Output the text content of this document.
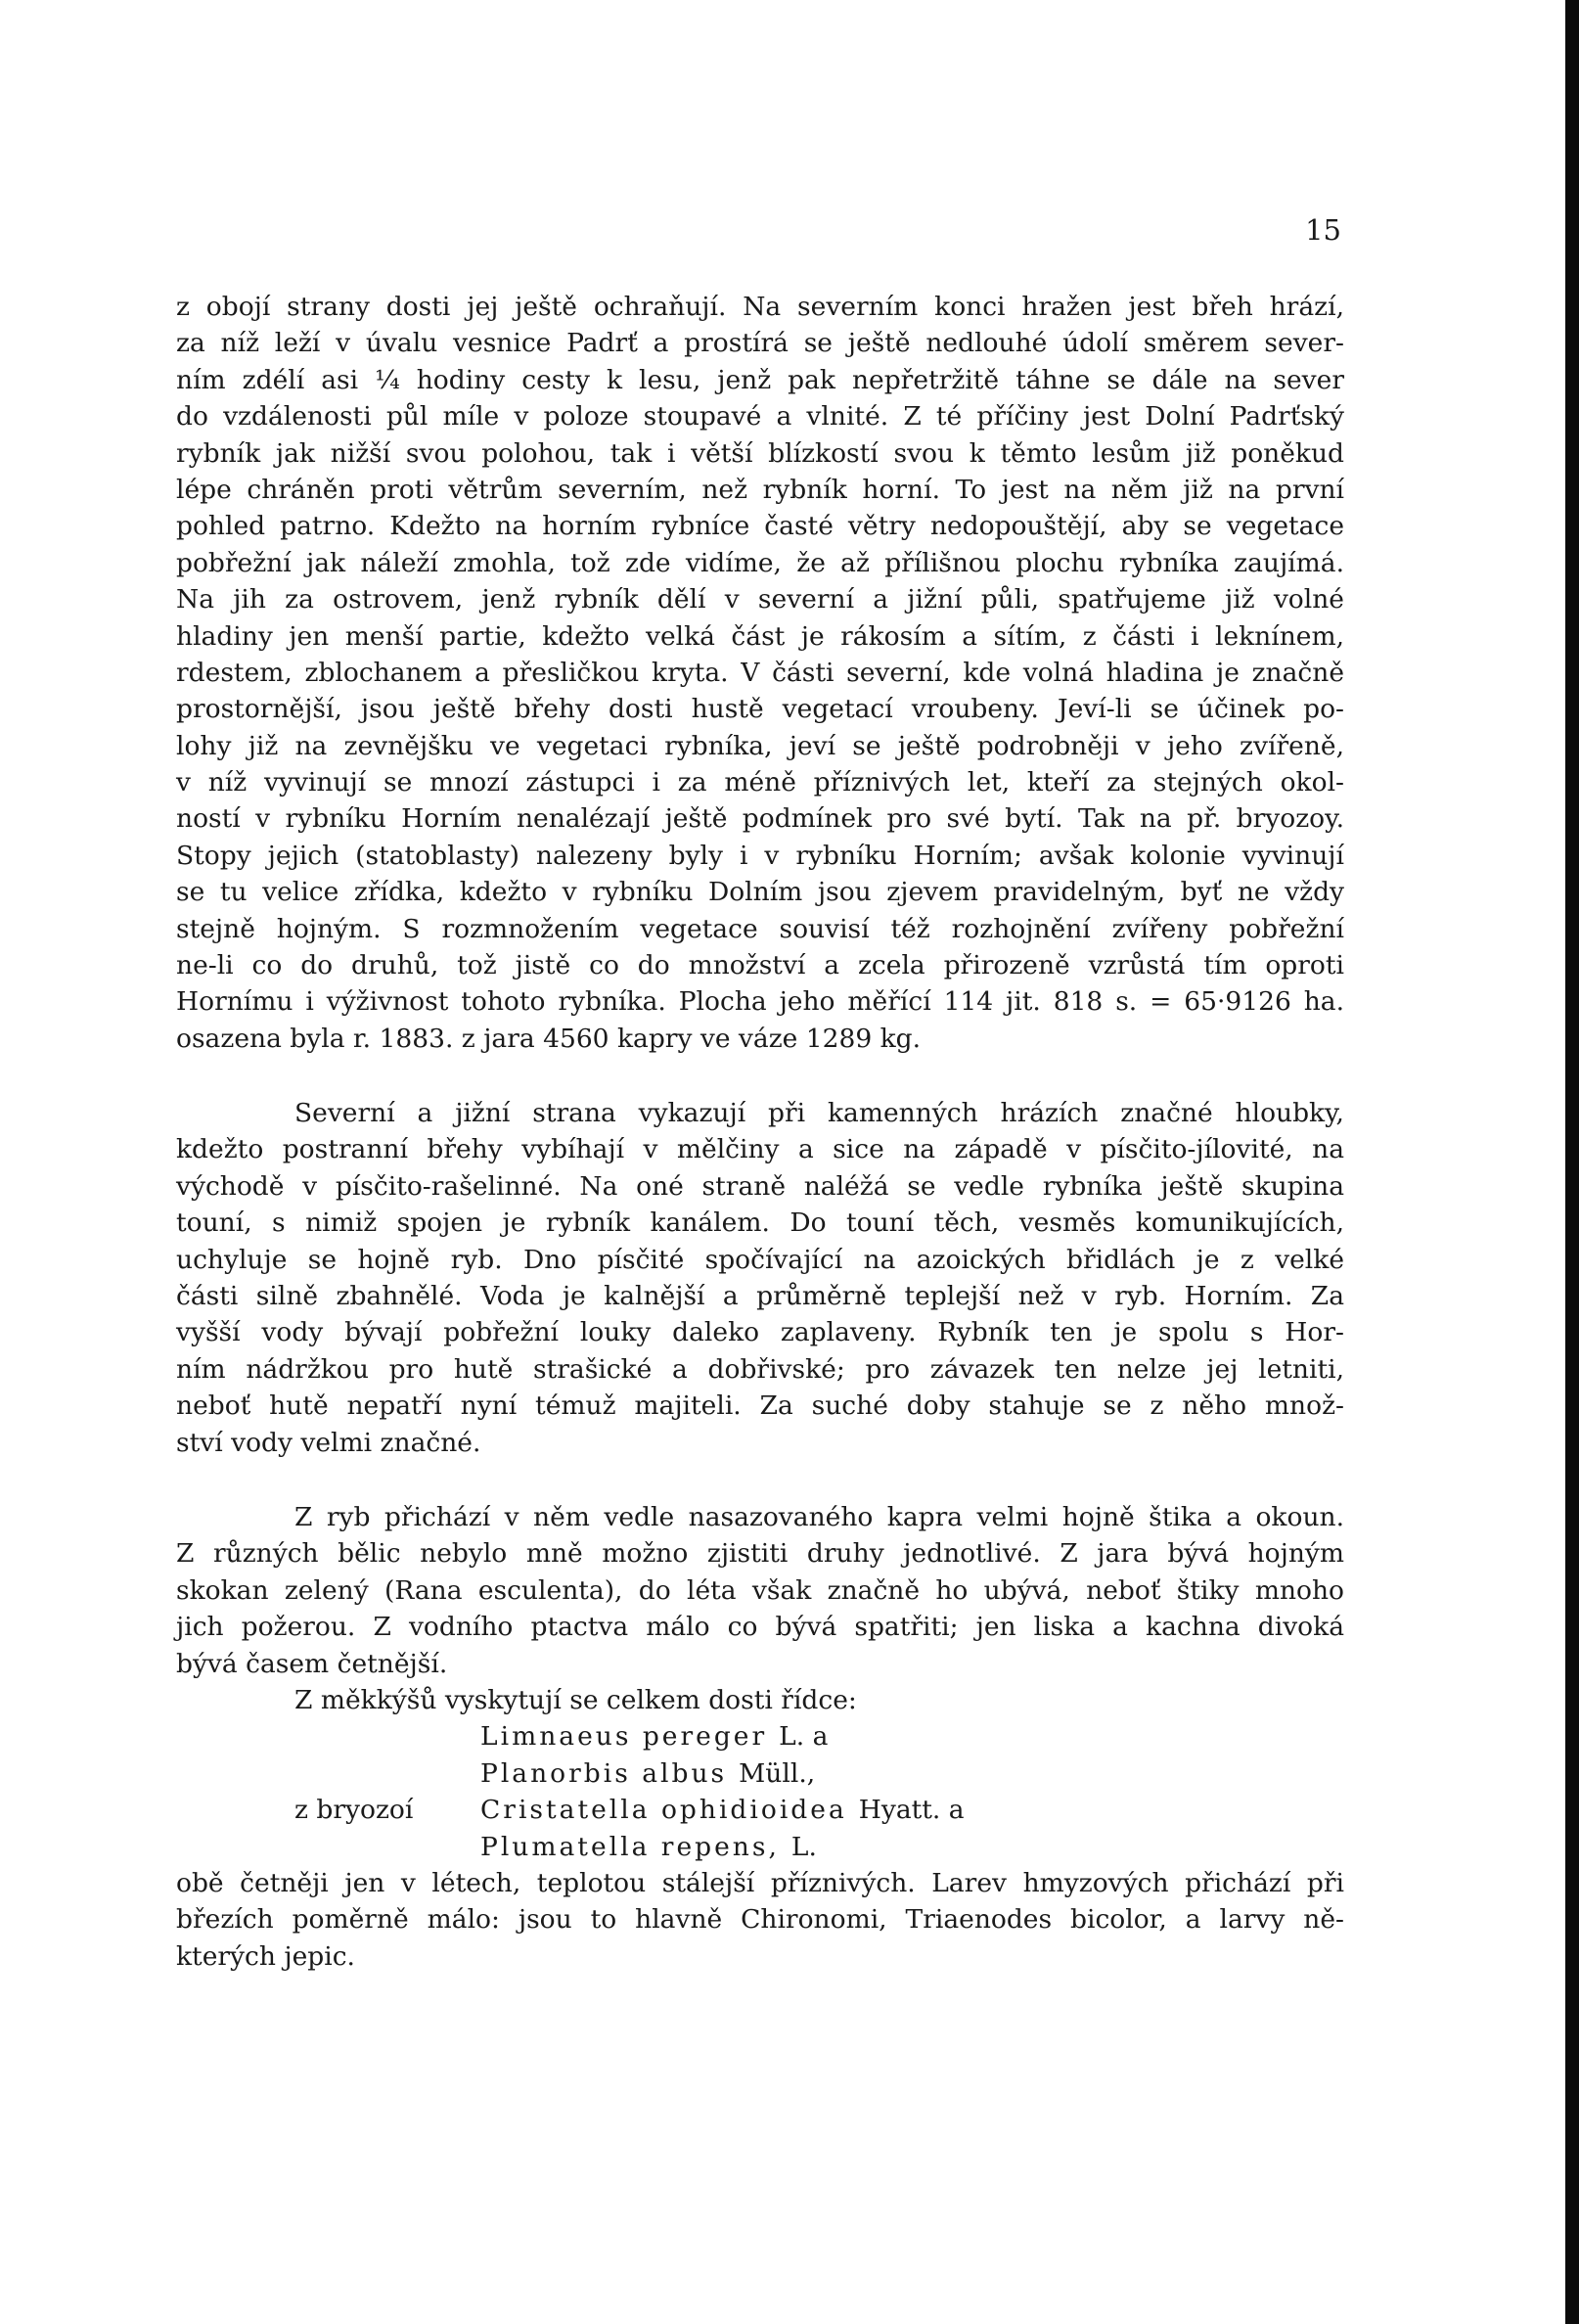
15
z obojí strany dosti jej ještě ochraňují. Na severním konci hražen jest břeh hrází,
za níž leží v úvalu vesnice Padrť a prostírá se ještě nedlouhé údolí směrem sever-
ním zdélí asi ¼ hodiny cesty k lesu, jenž pak nepřetržitě táhne se dále na sever
do vzdálenosti půl míle v poloze stoupavé a vlnité. Z té příčiny jest Dolní Padrťský
rybník jak nižší svou polohou, tak i větší blízkostí svou k těmto lesům již poněkud
lépe chráněn proti větrům severním, než rybník horní. To jest na něm již na první
pohled patrno. Kdežto na horním rybníce časté větry nedopouštějí, aby se vegetace
pobřežní jak náleží zmohla, tož zde vidíme, že až přílišnou plochu rybníka zaujímá.
Na jih za ostrovem, jenž rybník dělí v severní a jižní půli, spatřujeme již volné
hladiny jen menší partie, kdežto velká část je rákosím a sítím, z části i leknínem,
rdestem, zblochanem a přesličkou kryta. V části severní, kde volná hladina je značně
prostornější, jsou ještě břehy dosti hustě vegetací vroubeny. Jeví-li se účinek po-
lohy již na zevnějšku ve vegetaci rybníka, jeví se ještě podrobněji v jeho zvířeně,
v níž vyvinují se mnozí zástupci i za méně příznivých let, kteří za stejných okol-
ností v rybníku Horním nenalézají ještě podmínek pro své bytí. Tak na př. bryozoy.
Stopy jejich (statoblasty) nalezeny byly i v rybníku Horním; avšak kolonie vyvinují
se tu velice zřídka, kdežto v rybníku Dolním jsou zjevem pravidelným, byť ne vždy
stejně hojným. S rozmnožením vegetace souvisí též rozhojnění zvířeny pobřežní
ne-li co do druhů, tož jistě co do množství a zcela přirozeně vzrůstá tím oproti
Hornímu i výživnost tohoto rybníka. Plocha jeho měřící 114 jit. 818 s. = 65·9126 ha.
osazena byla r. 1883. z jara 4560 kapry ve váze 1289 kg.
Severní a jižní strana vykazují při kamenných hrázích značné hloubky,
kdežto postranní břehy vybíhají v mělčiny a sice na západě v písčito-jílovité, na
východě v písčito-rašelinné. Na oné straně naléžá se vedle rybníka ještě skupina
touní, s nimiž spojen je rybník kanálem. Do touní těch, vesměs komunikujících,
uchyluje se hojně ryb. Dno písčité spočívající na azoických břidlách je z velké
části silně zbahnělé. Voda je kalnější a průměrně teplejší než v ryb. Horním. Za
vyšší vody bývají pobřežní louky daleko zaplaveny. Rybník ten je spolu s Hor-
ním nádržkou pro hutě strašické a dobřivské; pro závazek ten nelze jej letniti,
neboť hutě nepatří nyní témuž majiteli. Za suché doby stahuje se z něho množ-
ství vody velmi značné.
Z ryb přichází v něm vedle nasazovaného kapra velmi hojně štika a okoun.
Z různých bělic nebylo mně možno zjistiti druhy jednotlivé. Z jara bývá hojným
skokan zelený (Rana esculenta), do léta však značně ho ubývá, neboť štiky mnoho
jich požerou. Z vodního ptactva málo co bývá spatřiti; jen liska a kachna divoká
bývá časem četnější.
Z měkkýšů vyskytují se celkem dosti řídce:
Limnaeus pereger L. a
Planorbis albus Müll.,
z bryozoí	Cristatella ophidioidea Hyatt. a
Plumatella repens, L.
obě četněji jen v létech, teplotou stálejší příznivých. Larev hmyzových přichází při
březích poměrně málo: jsou to hlavně Chironomi, Triaenodes bicolor, a larvy ně-
kterých jepic.
